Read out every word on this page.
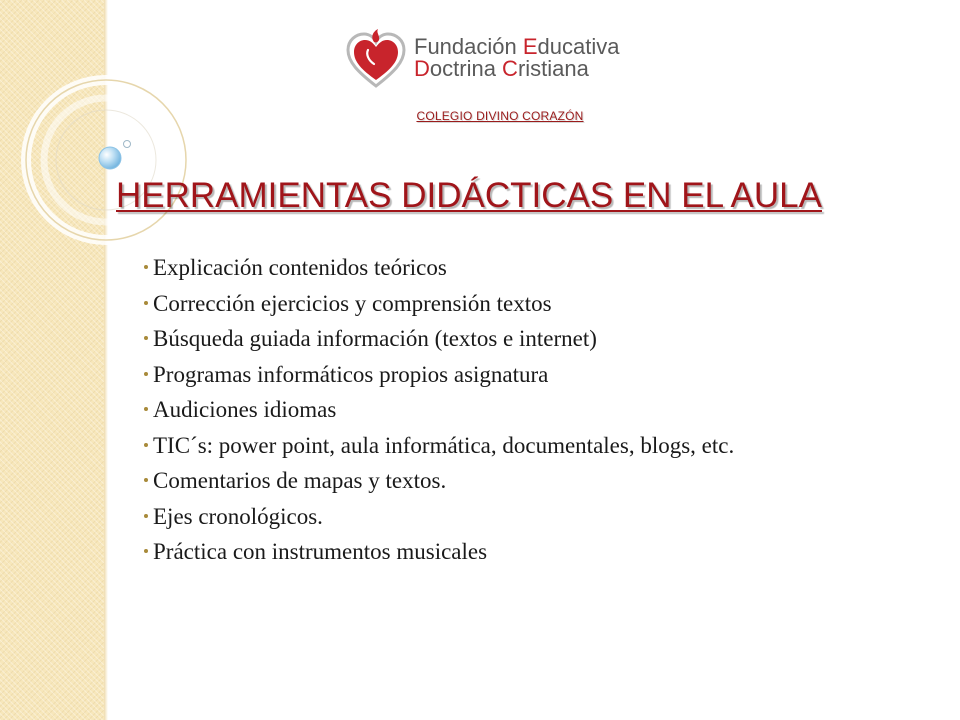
Fundación Educativa
Doctrina Cristiana
COLEGIO DIVINO CORAZÓN
HERRAMIENTAS DIDÁCTICAS EN EL AULA
Explicación contenidos teóricos
Corrección ejercicios y comprensión textos
Búsqueda guiada información (textos e internet)
Programas informáticos propios asignatura
Audiciones idiomas
TIC´s: power point, aula informática, documentales, blogs, etc.
Comentarios de mapas y textos.
Ejes cronológicos.
Práctica con instrumentos musicales
